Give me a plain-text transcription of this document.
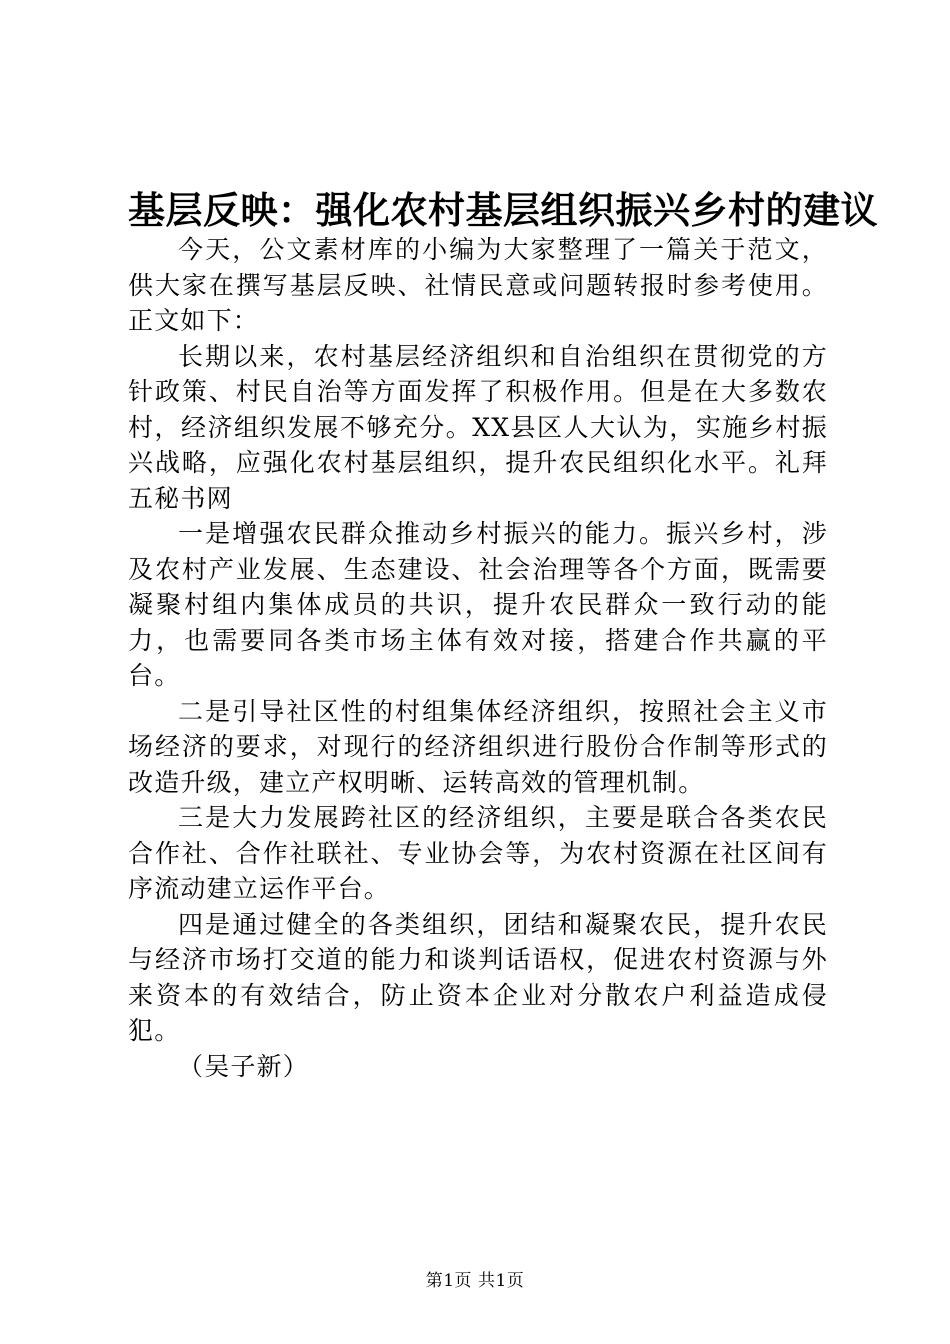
基层反映：强化农村基层组织振兴乡村的建议

今天，公文素材库的小编为大家整理了一篇关于范文，供大家在撰写基层反映、社情民意或问题转报时参考使用。正文如下：

长期以来，农村基层经济组织和自治组织在贯彻党的方针政策、村民自治等方面发挥了积极作用。但是在大多数农村，经济组织发展不够充分。XX县区人大认为，实施乡村振兴战略，应强化农村基层组织，提升农民组织化水平。礼拜五秘书网

一是增强农民群众推动乡村振兴的能力。振兴乡村，涉及农村产业发展、生态建设、社会治理等各个方面，既需要凝聚村组内集体成员的共识，提升农民群众一致行动的能力，也需要同各类市场主体有效对接，搭建合作共赢的平台。

二是引导社区性的村组集体经济组织，按照社会主义市场经济的要求，对现行的经济组织进行股份合作制等形式的改造升级，建立产权明晰、运转高效的管理机制。

三是大力发展跨社区的经济组织，主要是联合各类农民合作社、合作社联社、专业协会等，为农村资源在社区间有序流动建立运作平台。

四是通过健全的各类组织，团结和凝聚农民，提升农民与经济市场打交道的能力和谈判话语权，促进农村资源与外来资本的有效结合，防止资本企业对分散农户利益造成侵犯。

（吴子新）

第1页 共1页
